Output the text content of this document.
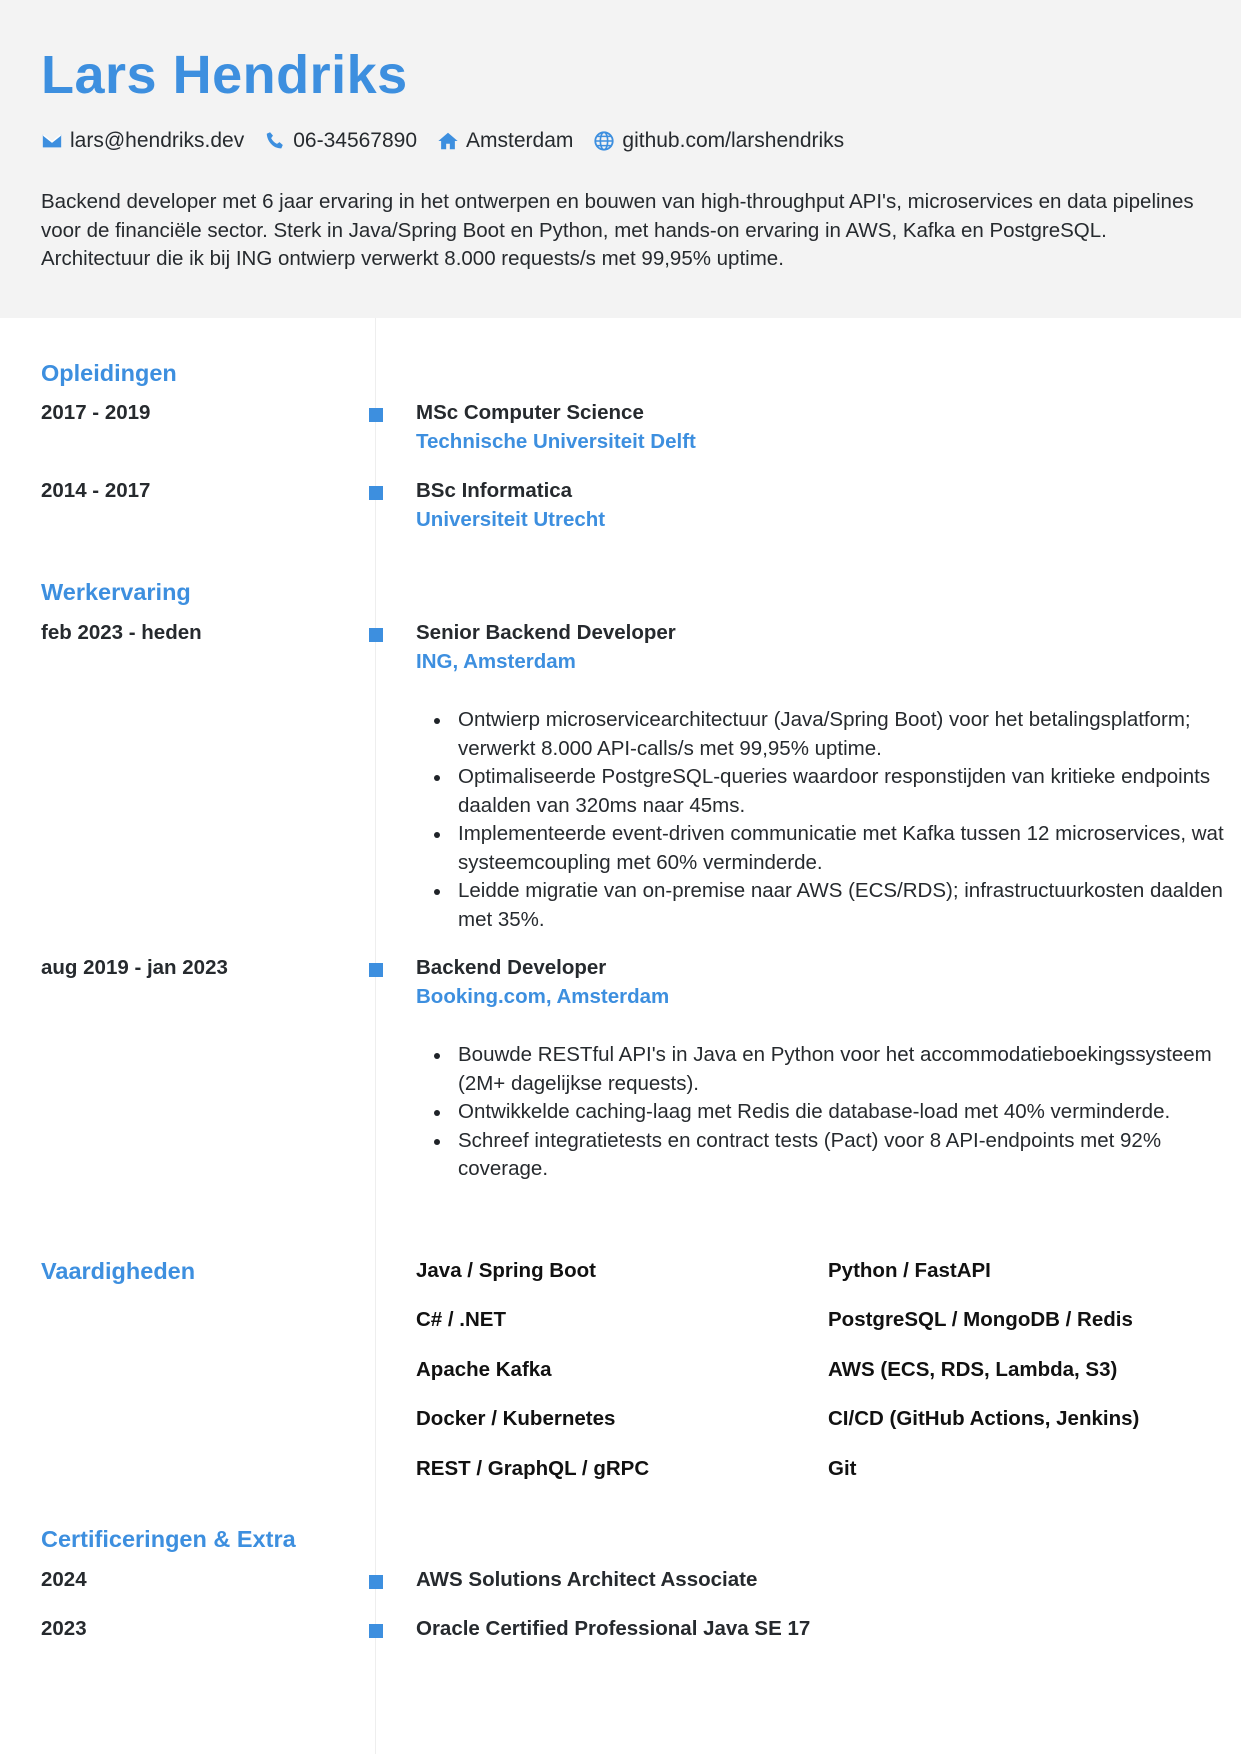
Lars Hendriks
lars@hendriks.dev 06-34567890 Amsterdam github.com/larshendriks
Backend developer met 6 jaar ervaring in het ontwerpen en bouwen van high-throughput API's, microservices en data pipelines voor de financiële sector. Sterk in Java/Spring Boot en Python, met hands-on ervaring in AWS, Kafka en PostgreSQL. Architectuur die ik bij ING ontwierp verwerkt 8.000 requests/s met 99,95% uptime.
Opleidingen
2017 - 2019	MSc Computer Science
Technische Universiteit Delft
2014 - 2017	BSc Informatica
Universiteit Utrecht
Werkervaring
feb 2023 - heden	Senior Backend Developer
ING, Amsterdam
Ontwierp microservicearchitectuur (Java/Spring Boot) voor het betalingsplatform; verwerkt 8.000 API-calls/s met 99,95% uptime.
Optimaliseerde PostgreSQL-queries waardoor responstijden van kritieke endpoints daalden van 320ms naar 45ms.
Implementeerde event-driven communicatie met Kafka tussen 12 microservices, wat systeemcoupling met 60% verminderde.
Leidde migratie van on-premise naar AWS (ECS/RDS); infrastructuurkosten daalden met 35%.
aug 2019 - jan 2023	Backend Developer
Booking.com, Amsterdam
Bouwde RESTful API's in Java en Python voor het accommodatieboekingssysteem (2M+ dagelijkse requests).
Ontwikkelde caching-laag met Redis die database-load met 40% verminderde.
Schreef integratietests en contract tests (Pact) voor 8 API-endpoints met 92% coverage.
Vaardigheden	Java / Spring Boot	Python / FastAPI
C# / .NET	PostgreSQL / MongoDB / Redis
Apache Kafka	AWS (ECS, RDS, Lambda, S3)
Docker / Kubernetes	CI/CD (GitHub Actions, Jenkins)
REST / GraphQL / gRPC	Git
Certificeringen & Extra
2024	AWS Solutions Architect Associate
2023	Oracle Certified Professional Java SE 17
